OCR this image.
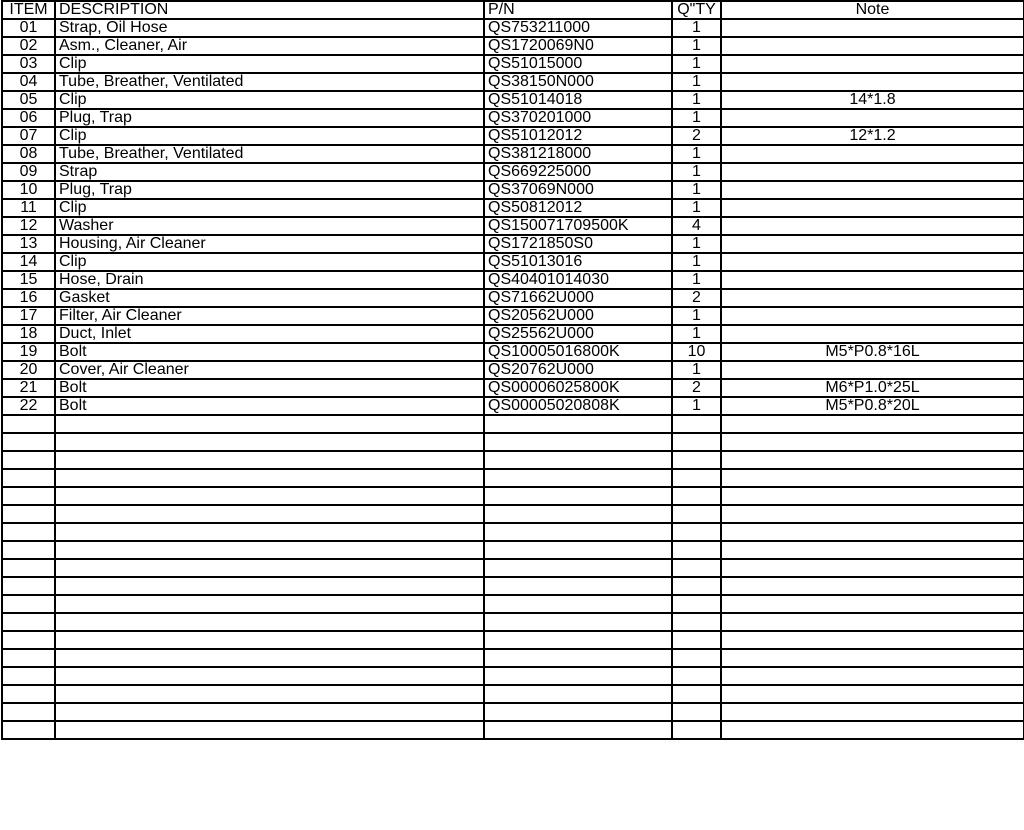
ITEM	DESCRIPTION	P/N	Q"TY	Note
01	Strap, Oil Hose	QS753211000	1	
02	Asm., Cleaner, Air	QS1720069N0	1	
03	Clip	QS51015000	1	
04	Tube, Breather, Ventilated	QS38150N000	1	
05	Clip	QS51014018	1	14*1.8
06	Plug, Trap	QS370201000	1	
07	Clip	QS51012012	2	12*1.2
08	Tube, Breather, Ventilated	QS381218000	1	
09	Strap	QS669225000	1	
10	Plug, Trap	QS37069N000	1	
11	Clip	QS50812012	1	
12	Washer	QS150071709500K	4	
13	Housing, Air Cleaner	QS1721850S0	1	
14	Clip	QS51013016	1	
15	Hose, Drain	QS40401014030	1	
16	Gasket	QS71662U000	2	
17	Filter, Air Cleaner	QS20562U000	1	
18	Duct, Inlet	QS25562U000	1	
19	Bolt	QS10005016800K	10	M5*P0.8*16L
20	Cover, Air Cleaner	QS20762U000	1	
21	Bolt	QS00006025800K	2	M6*P1.0*25L
22	Bolt	QS00005020808K	1	M5*P0.8*20L
